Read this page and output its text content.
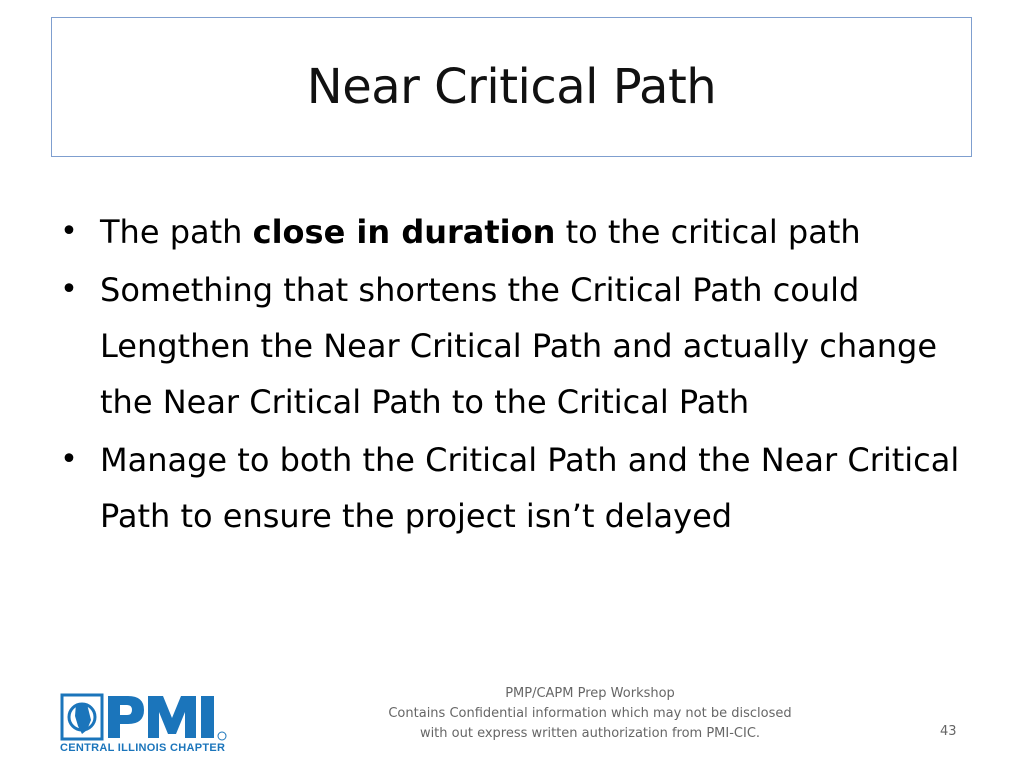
Near Critical Path
• The path close in duration to the critical path
• Something that shortens the Critical Path could Lengthen the Near Critical Path and actually change the Near Critical Path to the Critical Path
• Manage to both the Critical Path and the Near Critical Path to ensure the project isn’t delayed
CENTRAL ILLINOIS CHAPTER
PMP/CAPM Prep Workshop
Contains Confidential information which may not be disclosed
with out express written authorization from PMI-CIC.	43
